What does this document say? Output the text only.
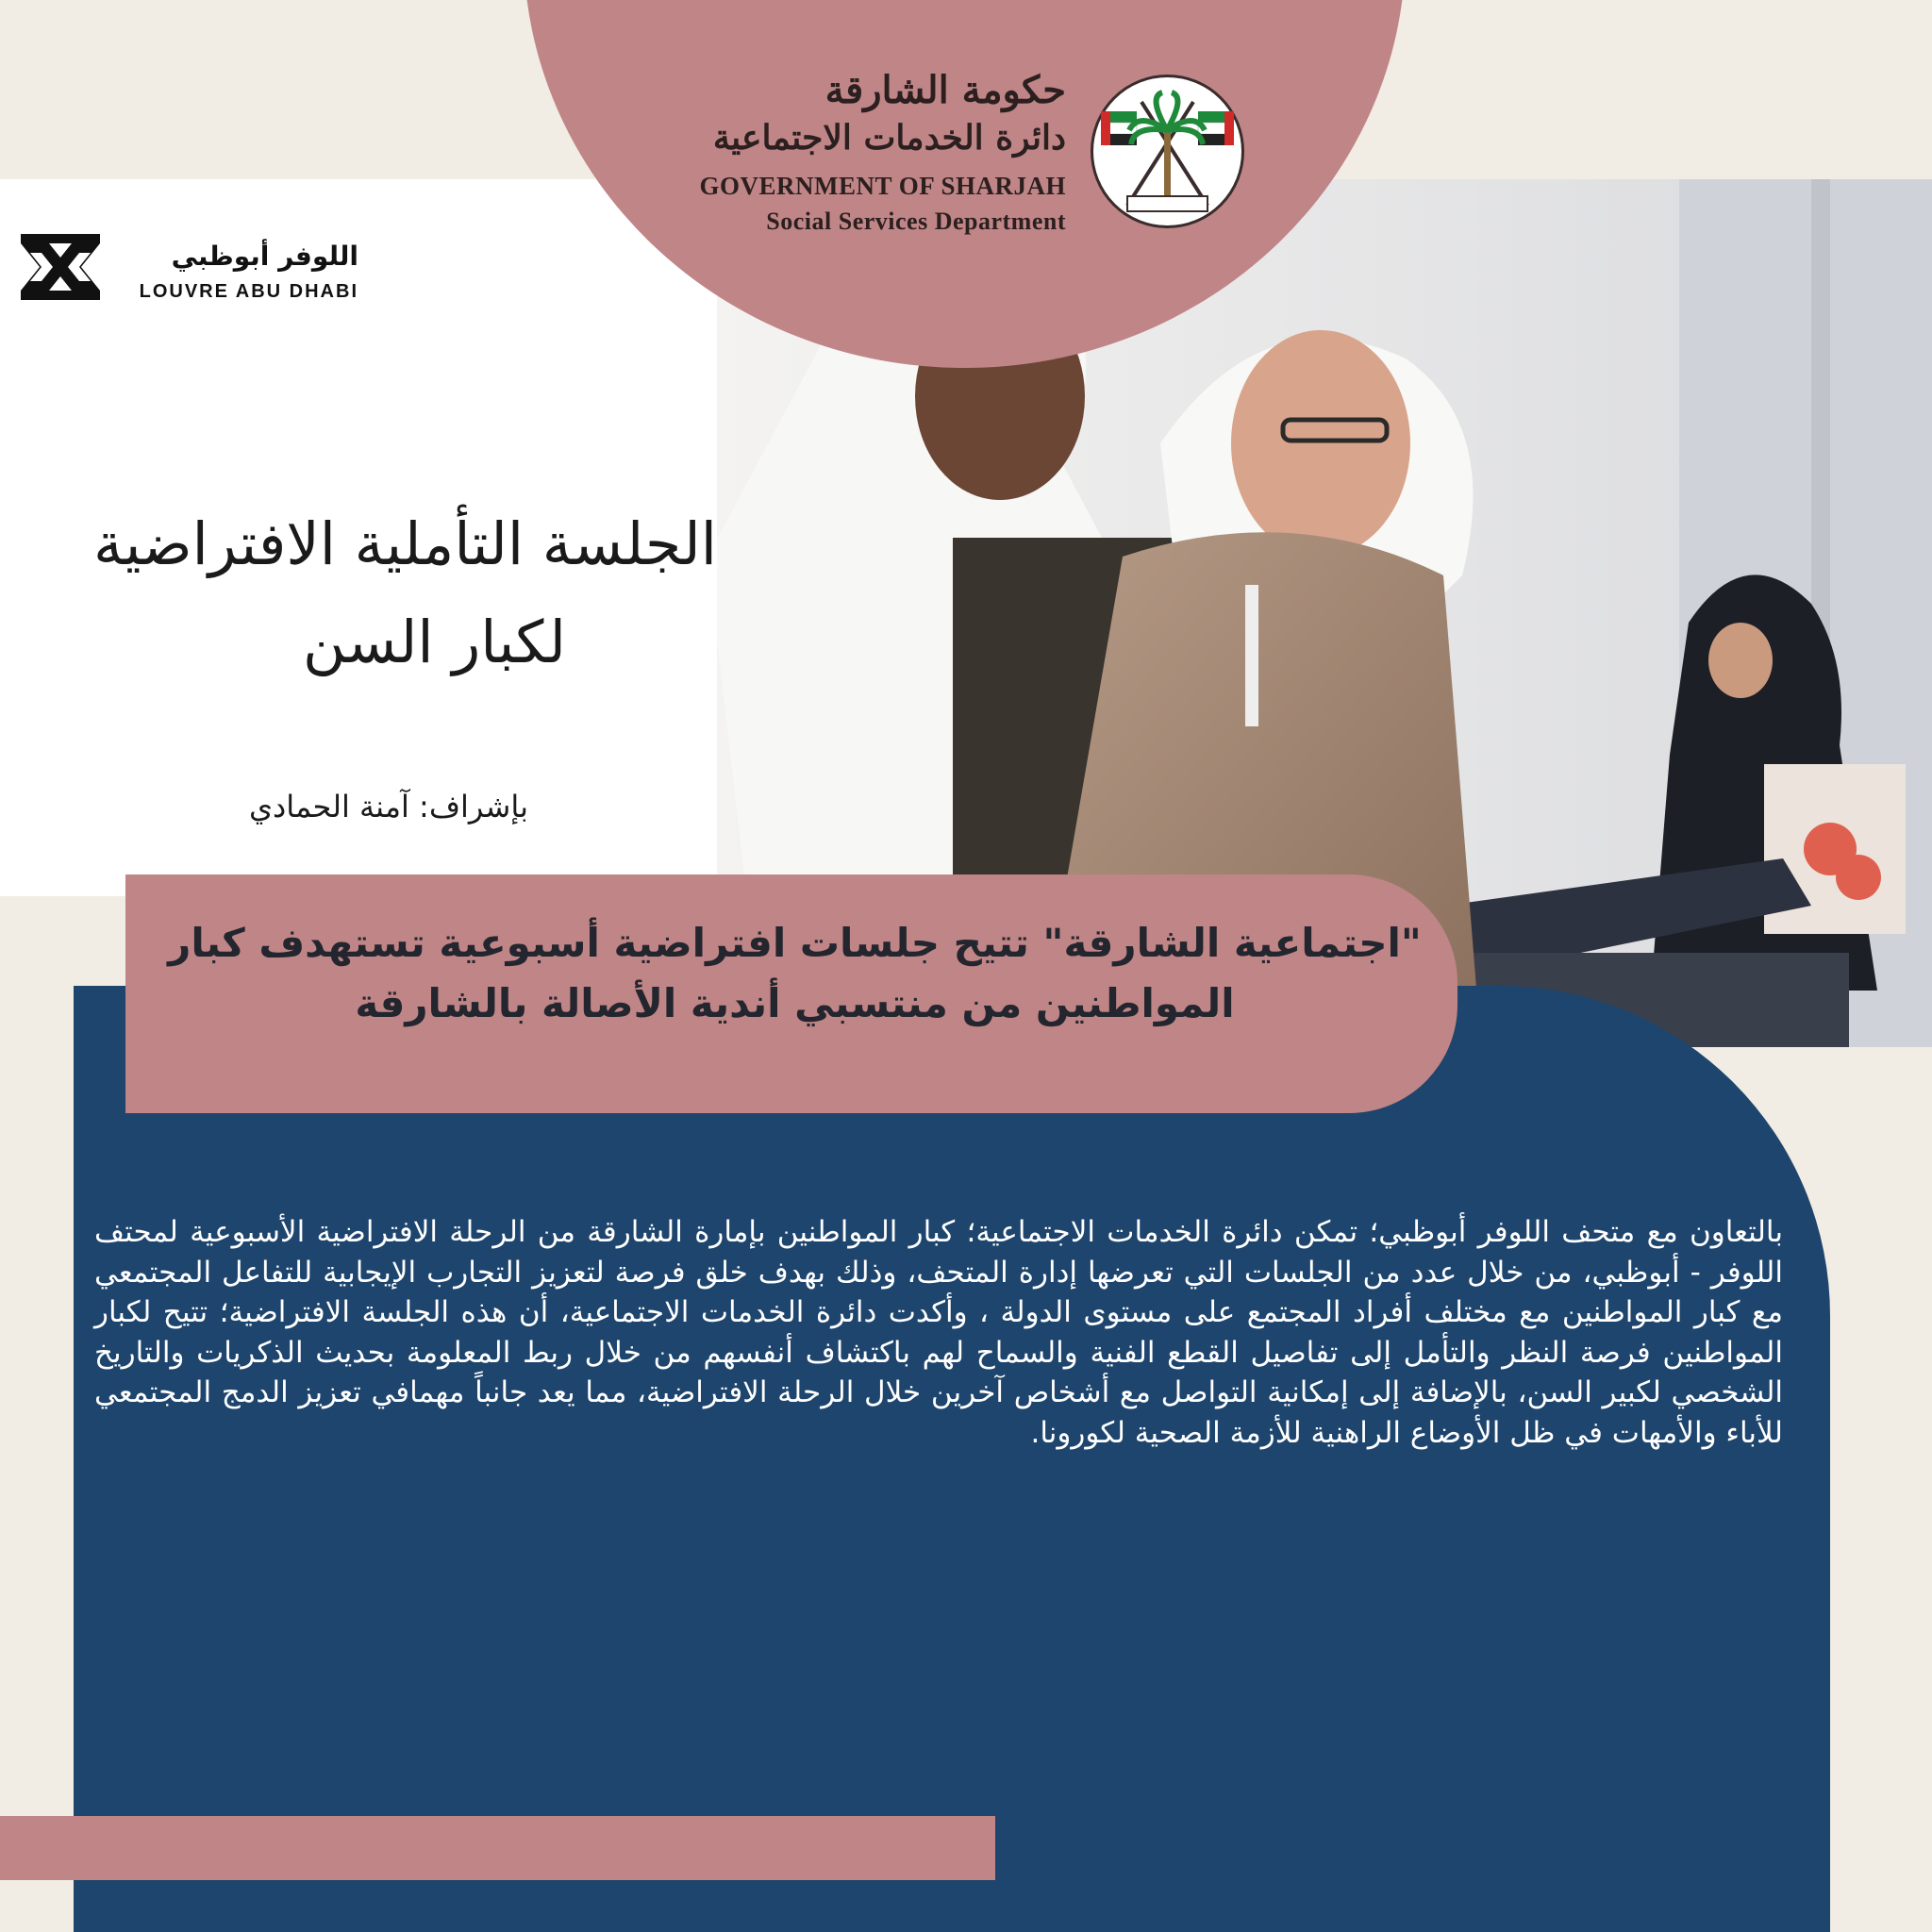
حكومة الشارقة
دائرة الخدمات الاجتماعية
GOVERNMENT OF SHARJAH
Social Services Department
اللوفر أبوظبي
LOUVRE ABU DHABI
الجلسة التأملية الافتراضية
لكبار السن
بإشراف: آمنة الحمادي
"اجتماعية الشارقة" تتيح جلسات افتراضية أسبوعية تستهدف كبار المواطنين من منتسبي أندية الأصالة بالشارقة
بالتعاون مع متحف اللوفر أبوظبي؛ تمكن دائرة الخدمات الاجتماعية؛ كبار المواطنين بإمارة الشارقة من الرحلة الافتراضية الأسبوعية لمحتف اللوفر - أبوظبي، من خلال عدد من الجلسات التي تعرضها إدارة المتحف، وذلك بهدف خلق فرصة لتعزيز التجارب الإيجابية للتفاعل المجتمعي مع كبار المواطنين مع مختلف أفراد المجتمع على مستوى الدولة ، وأكدت دائرة الخدمات الاجتماعية، أن هذه الجلسة الافتراضية؛ تتيح لكبار المواطنين فرصة النظر والتأمل إلى تفاصيل القطع الفنية والسماح لهم باكتشاف أنفسهم من خلال ربط المعلومة بحديث الذكريات والتاريخ الشخصي لكبير السن، بالإضافة إلى إمكانية التواصل مع أشخاص آخرين خلال الرحلة الافتراضية، مما يعد جانباً مهمافي تعزيز الدمج المجتمعي للأباء والأمهات في ظل الأوضاع الراهنية للأزمة الصحية لكورونا.
